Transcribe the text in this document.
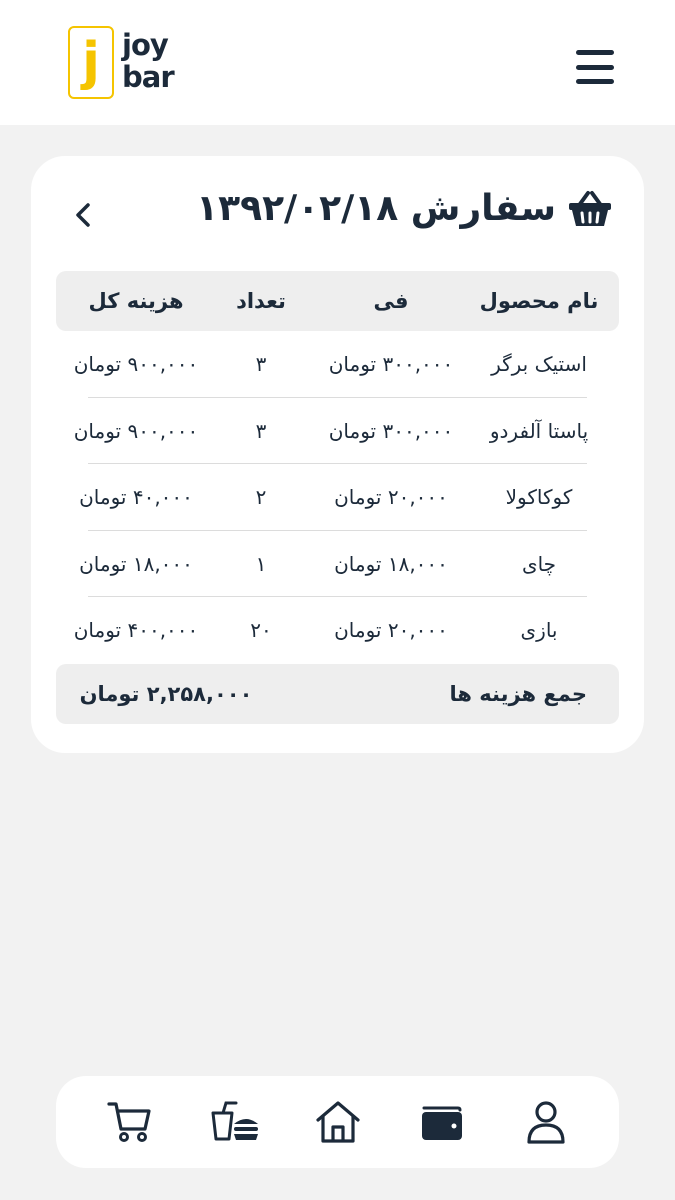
j joy
bar
سفارش ۱۳۹۲/۰۲/۱۸
نام محصول
فی
تعداد
هزینه کل
استیک برگر
۳۰۰,۰۰۰ تومان
۳
۹۰۰,۰۰۰ تومان
پاستا آلفردو
۳۰۰,۰۰۰ تومان
۳
۹۰۰,۰۰۰ تومان
کوکاکولا
۲۰,۰۰۰ تومان
۲
۴۰,۰۰۰ تومان
چای
۱۸,۰۰۰ تومان
۱
۱۸,۰۰۰ تومان
بازی
۲۰,۰۰۰ تومان
۲۰
۴۰۰,۰۰۰ تومان
جمع هزینه ها
۲,۲۵۸,۰۰۰ تومان
